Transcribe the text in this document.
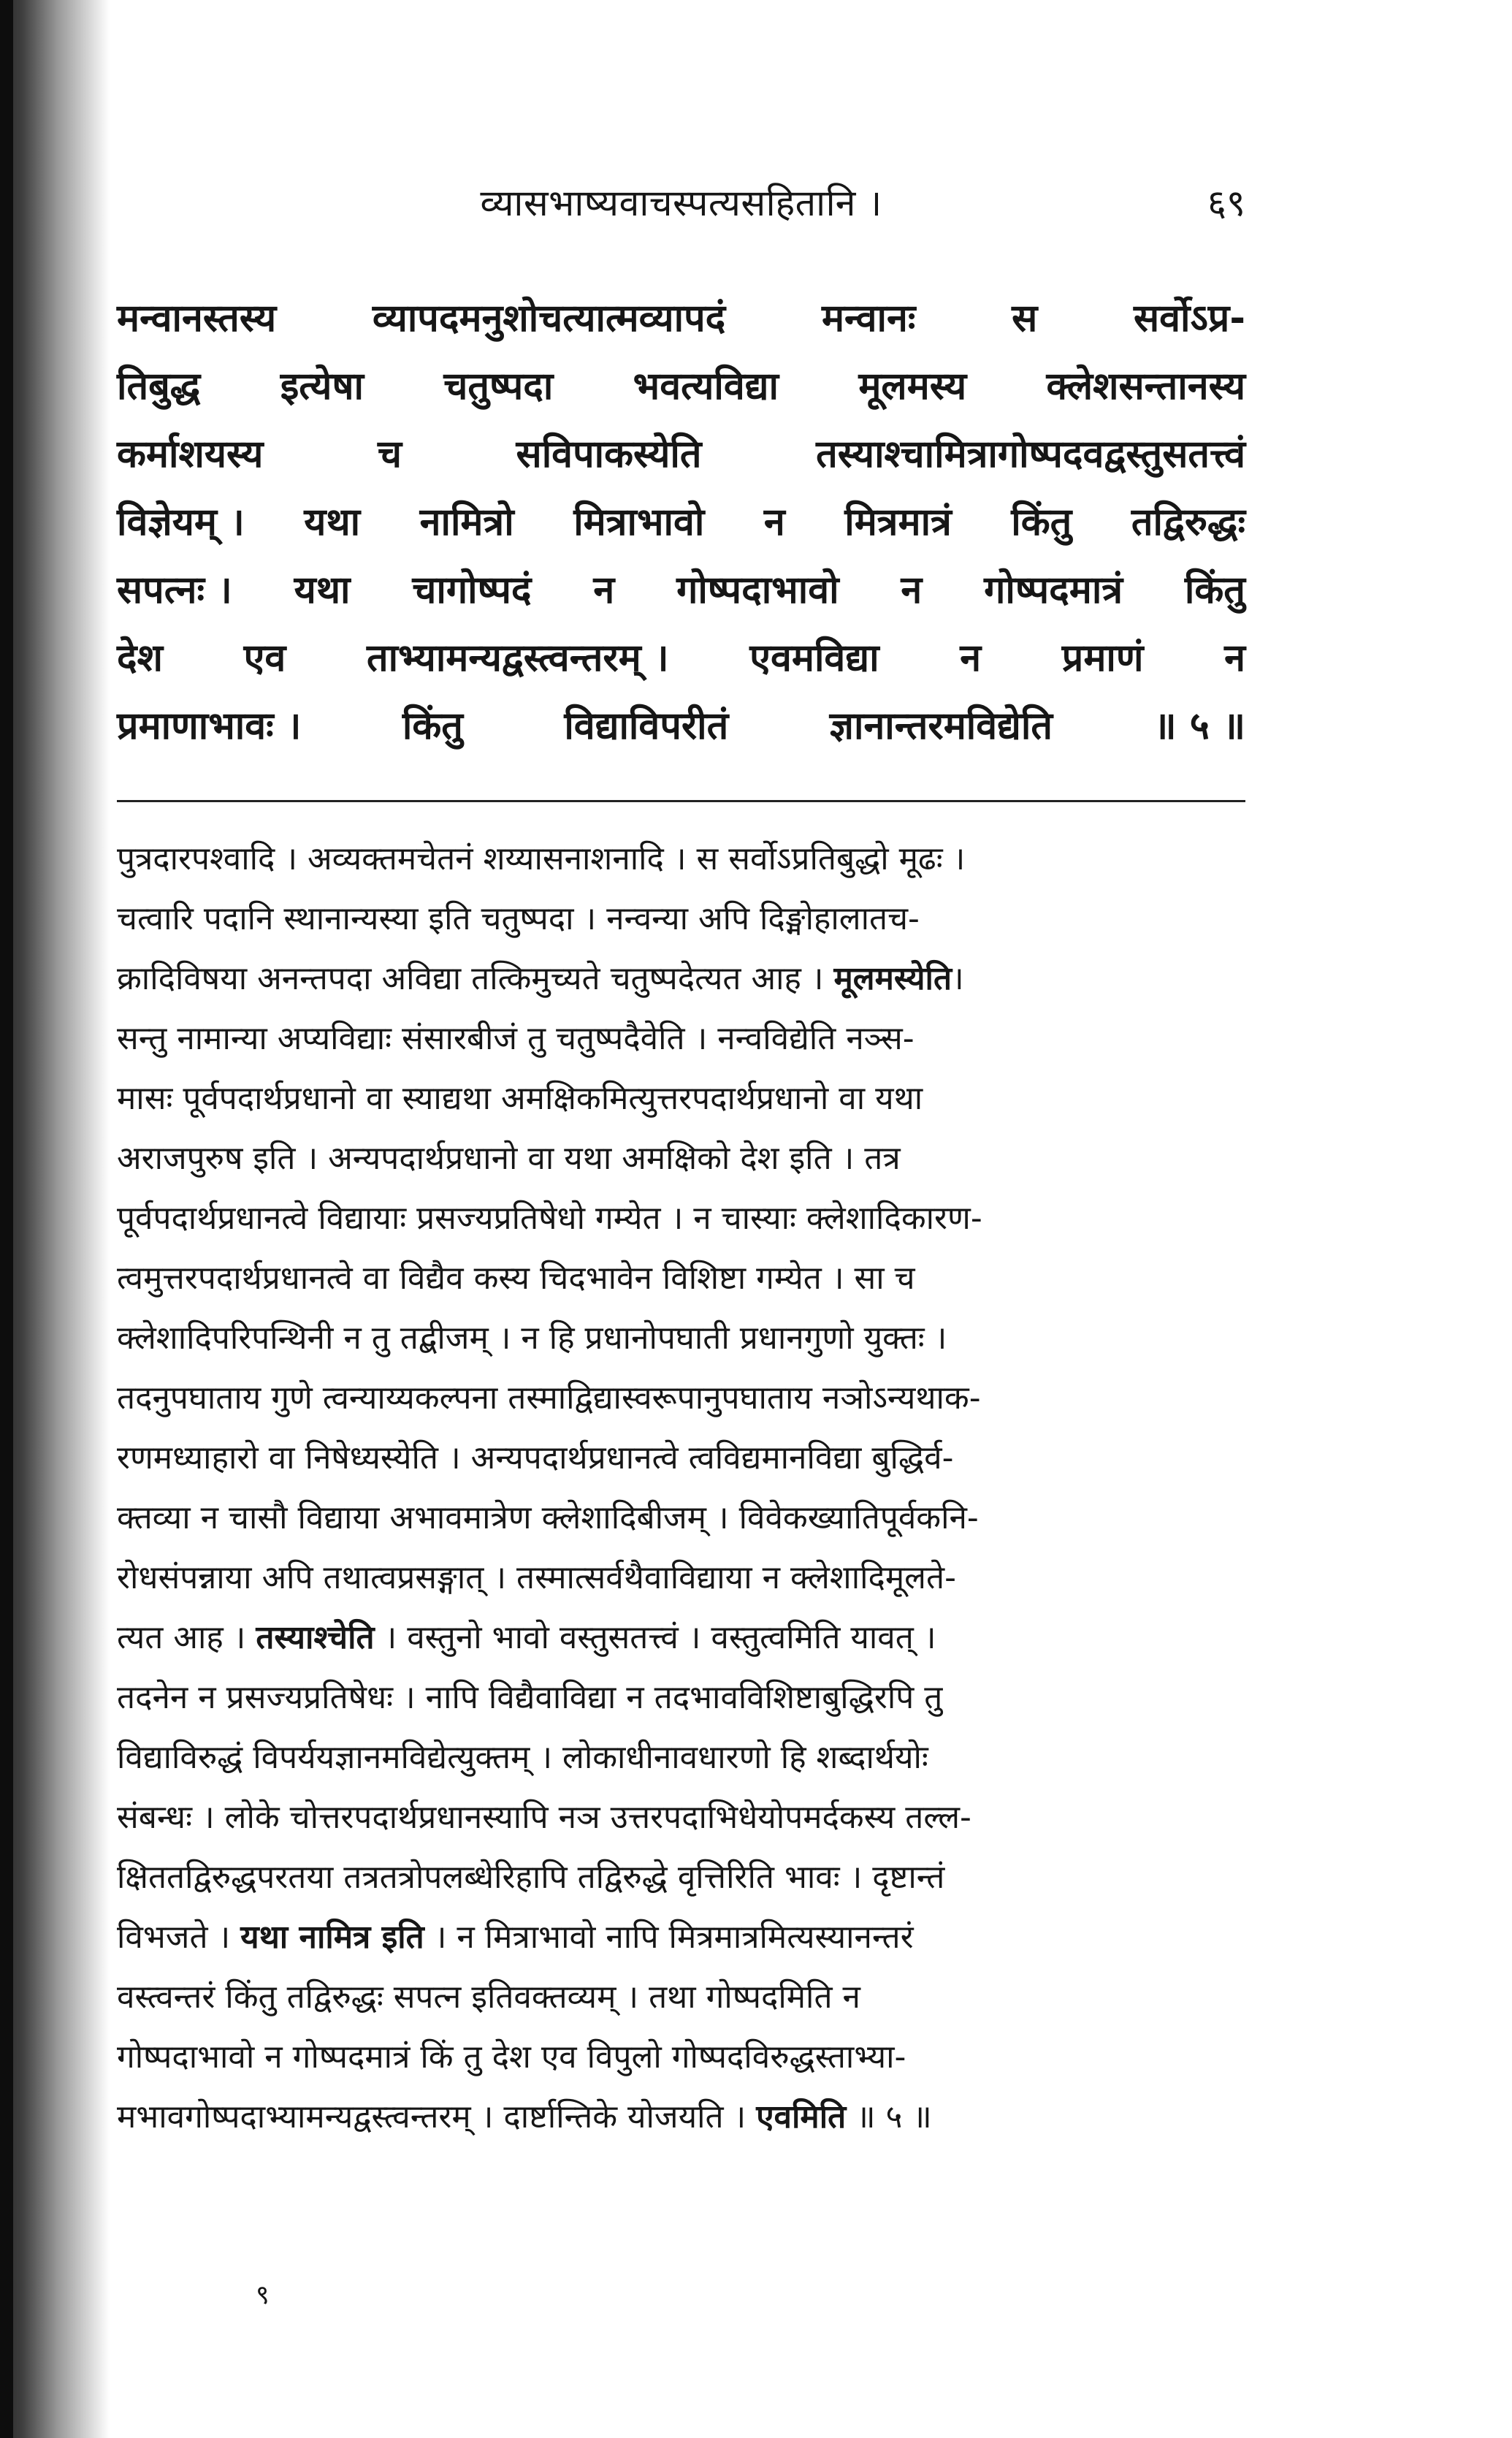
व्यासभाष्यवाचस्पत्यसहितानि ।	६९
मन्वानस्तस्य	व्यापदमनुशोचत्यात्मव्यापदं	मन्वानः	स	सर्वोऽप्र-
तिबुद्ध इत्येषा चतुष्पदा भवत्यविद्या मूलमस्य क्लेशसन्तानस्य
कर्माशयस्य	च	सविपाकस्येति	तस्याश्चामित्रागोष्पदवद्वस्तुसतत्त्वं
विज्ञेयम् । यथा नामित्रो मित्राभावो न मित्रमात्रं किंतु तद्विरुद्धः
सपत्नः । यथा चागोष्पदं न गोष्पदाभावो न गोष्पदमात्रं किंतु
देश एव ताभ्यामन्यद्वस्त्वन्तरम् । एवमविद्या न प्रमाणं न
प्रमाणाभावः ।	किंतु	विद्याविपरीतं	ज्ञानान्तरमविद्येति	॥ ५ ॥
पुत्रदारपश्वादि । अव्यक्तमचेतनं शय्यासनाशनादि । स सर्वोऽप्रतिबुद्धो मूढः ।
चत्वारि पदानि स्थानान्यस्या इति चतुष्पदा । नन्वन्या अपि दिङ्मोहालातच-
क्रादिविषया अनन्तपदा अविद्या तत्किमुच्यते चतुष्पदेत्यत आह । मूलमस्येति।
सन्तु नामान्या अप्यविद्याः संसारबीजं तु चतुष्पदैवेति । नन्वविद्येति नञ्स-
मासः पूर्वपदार्थप्रधानो वा स्याद्यथा अमक्षिकमित्युत्तरपदार्थप्रधानो वा यथा
अराजपुरुष इति । अन्यपदार्थप्रधानो वा यथा अमक्षिको देश इति । तत्र
पूर्वपदार्थप्रधानत्वे विद्यायाः प्रसज्यप्रतिषेधो गम्येत । न चास्याः क्लेशादिकारण-
त्वमुत्तरपदार्थप्रधानत्वे वा विद्यैव कस्य चिदभावेन विशिष्टा गम्येत । सा च
क्लेशादिपरिपन्थिनी न तु तद्बीजम् । न हि प्रधानोपघाती प्रधानगुणो युक्तः ।
तदनुपघाताय गुणे त्वन्याय्यकल्पना तस्माद्विद्यास्वरूपानुपघाताय नञोऽन्यथाक-
रणमध्याहारो वा निषेध्यस्येति । अन्यपदार्थप्रधानत्वे त्वविद्यमानविद्या बुद्धिर्व-
क्तव्या न चासौ विद्याया अभावमात्रेण क्लेशादिबीजम् । विवेकख्यातिपूर्वकनि-
रोधसंपन्नाया अपि तथात्वप्रसङ्गात् । तस्मात्सर्वथैवाविद्याया न क्लेशादिमूलते-
त्यत आह । तस्याश्चेति । वस्तुनो भावो वस्तुसतत्त्वं । वस्तुत्वमिति यावत् ।
तदनेन न प्रसज्यप्रतिषेधः । नापि विद्यैवाविद्या न तदभावविशिष्टाबुद्धिरपि तु
विद्याविरुद्धं विपर्ययज्ञानमविद्येत्युक्तम् । लोकाधीनावधारणो हि शब्दार्थयोः
संबन्धः । लोके चोत्तरपदार्थप्रधानस्यापि नञ उत्तरपदाभिधेयोपमर्दकस्य तल्ल-
क्षिततद्विरुद्धपरतया तत्रतत्रोपलब्धेरिहापि तद्विरुद्धे वृत्तिरिति भावः । दृष्टान्तं
विभजते । यथा नामित्र इति । न मित्राभावो नापि मित्रमात्रमित्यस्यानन्तरं
वस्त्वन्तरं किंतु तद्विरुद्धः सपत्न इतिवक्तव्यम् । तथा गोष्पदमिति न
गोष्पदाभावो न गोष्पदमात्रं किं तु देश एव विपुलो गोष्पदविरुद्धस्ताभ्या-
मभावगोष्पदाभ्यामन्यद्वस्त्वन्तरम् । दार्ष्टान्तिके योजयति । एवमिति ॥ ५ ॥
९
